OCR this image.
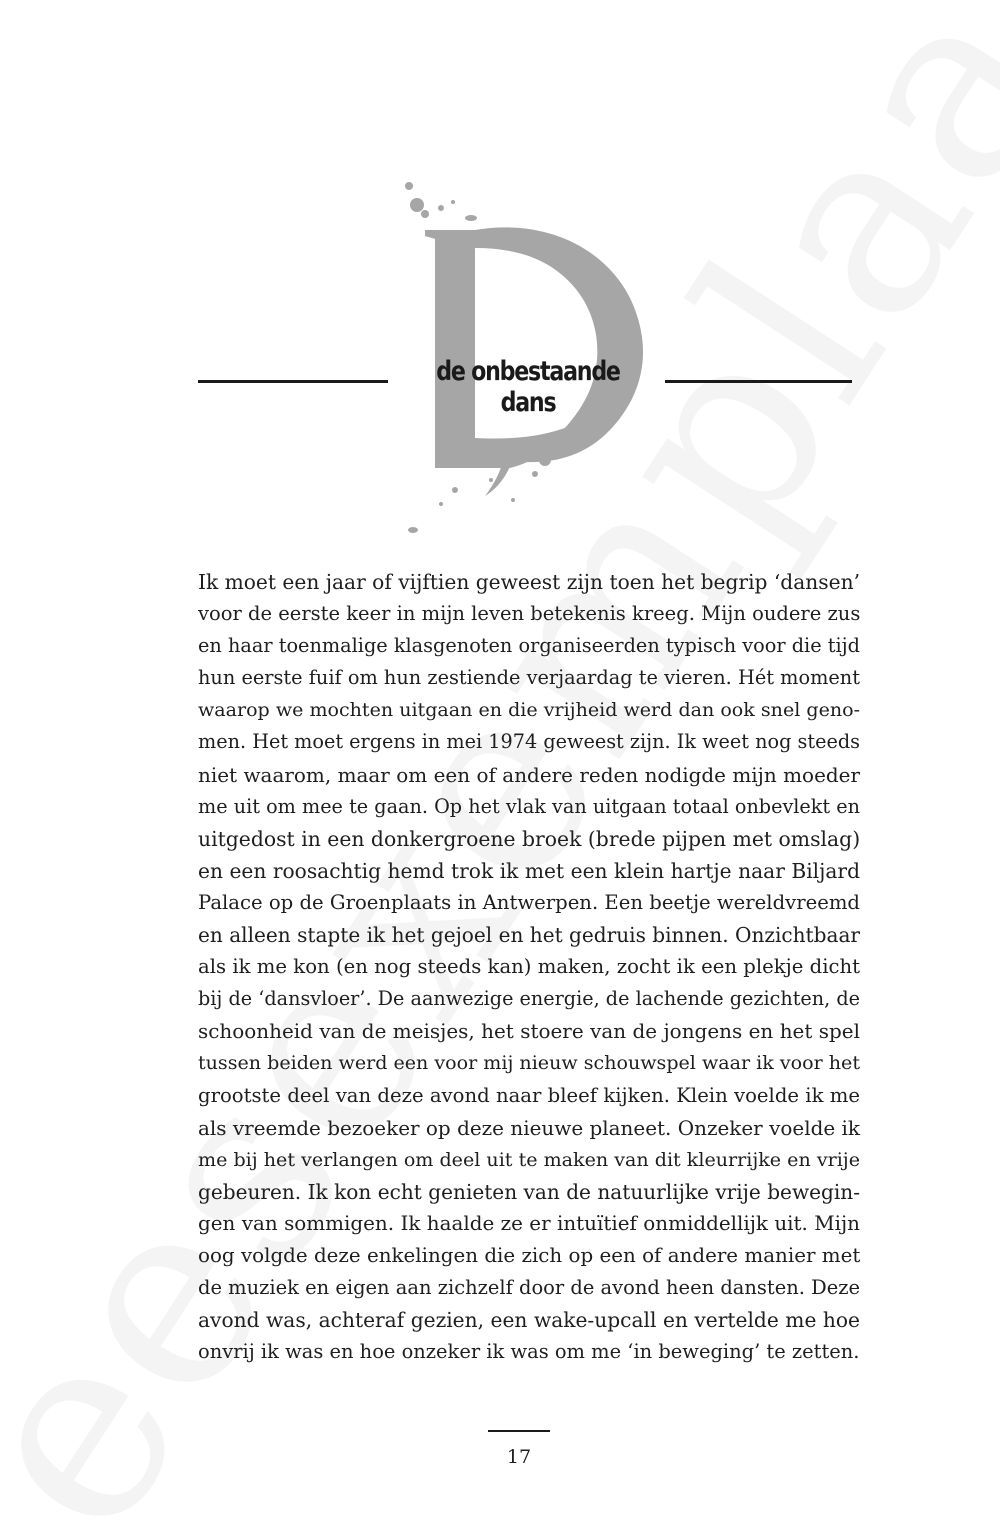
de onbestaande dans
Ik moet een jaar of vijftien geweest zijn toen het begrip ‘dansen’
voor de eerste keer in mijn leven betekenis kreeg. Mijn oudere zus
en haar toenmalige klasgenoten organiseerden typisch voor die tijd
hun eerste fuif om hun zestiende verjaardag te vieren. Hét moment
waarop we mochten uitgaan en die vrijheid werd dan ook snel geno-
men. Het moet ergens in mei 1974 geweest zijn. Ik weet nog steeds
niet waarom, maar om een of andere reden nodigde mijn moeder
me uit om mee te gaan. Op het vlak van uitgaan totaal onbevlekt en
uitgedost in een donkergroene broek (brede pijpen met omslag)
en een roosachtig hemd trok ik met een klein hartje naar Biljard
Palace op de Groenplaats in Antwerpen. Een beetje wereldvreemd
en alleen stapte ik het gejoel en het gedruis binnen. Onzichtbaar
als ik me kon (en nog steeds kan) maken, zocht ik een plekje dicht
bij de ‘dansvloer’. De aanwezige energie, de lachende gezichten, de
schoonheid van de meisjes, het stoere van de jongens en het spel
tussen beiden werd een voor mij nieuw schouwspel waar ik voor het
grootste deel van deze avond naar bleef kijken. Klein voelde ik me
als vreemde bezoeker op deze nieuwe planeet. Onzeker voelde ik
me bij het verlangen om deel uit te maken van dit kleurrijke en vrije
gebeuren. Ik kon echt genieten van de natuurlijke vrije bewegin-
gen van sommigen. Ik haalde ze er intuïtief onmiddellijk uit. Mijn
oog volgde deze enkelingen die zich op een of andere manier met
de muziek en eigen aan zichzelf door de avond heen dansten. Deze
avond was, achteraf gezien, een wake-upcall en vertelde me hoe
onvrij ik was en hoe onzeker ik was om me ‘in beweging’ te zetten.
17
